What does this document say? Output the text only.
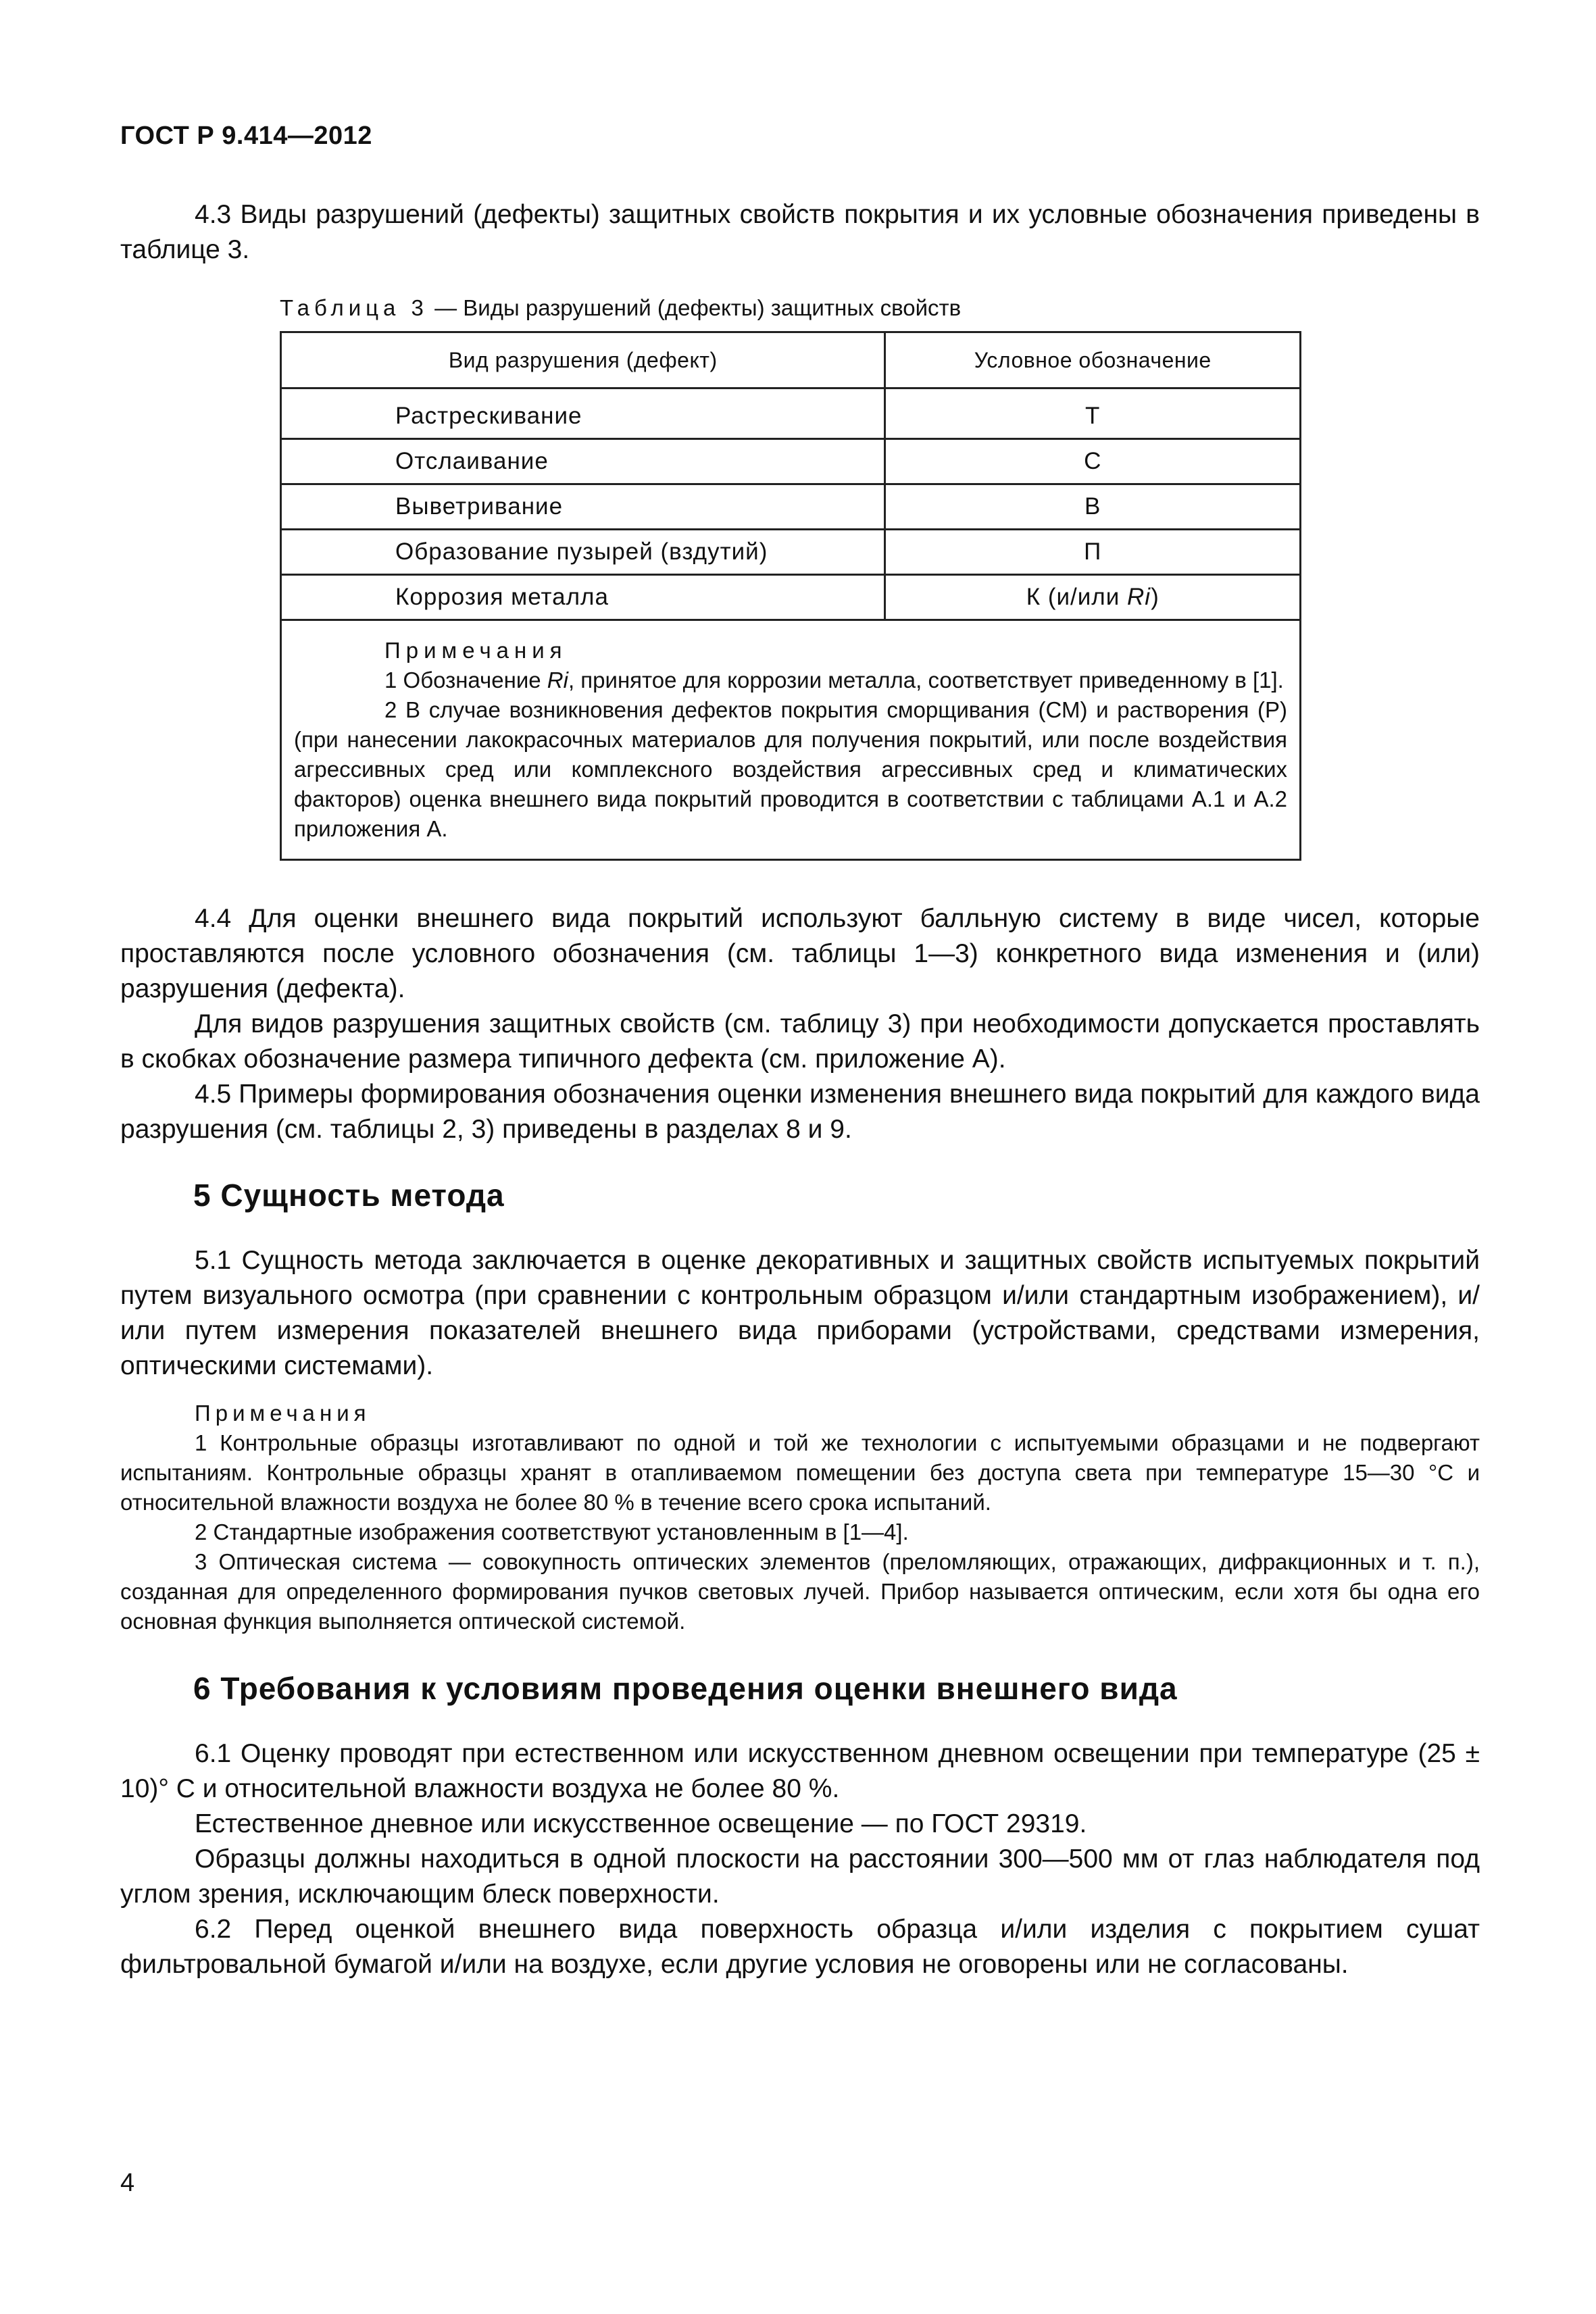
ГОСТ Р 9.414—2012

4.3 Виды разрушений (дефекты) защитных свойств покрытия и их условные обозначения приведены в таблице 3.

Таблица 3 — Виды разрушений (дефекты) защитных свойств
Вид разрушения (дефект)	Условное обозначение
Растрескивание	Т
Отслаивание	С
Выветривание	В
Образование пузырей (вздутий)	П
Коррозия металла	К (и/или Ri)

Примечания
1 Обозначение Ri, принятое для коррозии металла, соответствует приведенному в [1].
2 В случае возникновения дефектов покрытия сморщивания (СМ) и растворения (Р) (при нанесении лакокрасочных материалов для получения покрытий, или после воздействия агрессивных сред или комплексного воздействия агрессивных сред и климатических факторов) оценка внешнего вида покрытий проводится в соответствии с таблицами А.1 и А.2 приложения А.	

4.4 Для оценки внешнего вида покрытий используют балльную систему в виде чисел, которые проставляются после условного обозначения (см. таблицы 1—3) конкретного вида изменения и (или) разрушения (дефекта).

Для видов разрушения защитных свойств (см. таблицу 3) при необходимости допускается проставлять в скобках обозначение размера типичного дефекта (см. приложение А).

4.5 Примеры формирования обозначения оценки изменения внешнего вида покрытий для каждого вида разрушения (см. таблицы 2, 3) приведены в разделах 8 и 9.

5 Сущность метода

5.1 Сущность метода заключается в оценке декоративных и защитных свойств испытуемых покрытий путем визуального осмотра (при сравнении с контрольным образцом и/или стандартным изображением), и/или путем измерения показателей внешнего вида приборами (устройствами, средствами измерения, оптическими системами).

Примечания
1 Контрольные образцы изготавливают по одной и той же технологии с испытуемыми образцами и не подвергают испытаниям. Контрольные образцы хранят в отапливаемом помещении без доступа света при температуре 15—30 °С и относительной влажности воздуха не более 80 % в течение всего срока испытаний.
2 Стандартные изображения соответствуют установленным в [1—4].
3 Оптическая система — совокупность оптических элементов (преломляющих, отражающих, дифракционных и т. п.), созданная для определенного формирования пучков световых лучей. Прибор называется оптическим, если хотя бы одна его основная функция выполняется оптической системой.
6 Требования к условиям проведения оценки внешнего вида

6.1 Оценку проводят при естественном или искусственном дневном освещении при температуре (25 ± 10)° С и относительной влажности воздуха не более 80 %.

Естественное дневное или искусственное освещение — по ГОСТ 29319.

Образцы должны находиться в одной плоскости на расстоянии 300—500 мм от глаз наблюдателя под углом зрения, исключающим блеск поверхности.

6.2 Перед оценкой внешнего вида поверхность образца и/или изделия с покрытием сушат фильтровальной бумагой и/или на воздухе, если другие условия не оговорены или не согласованы.

4
